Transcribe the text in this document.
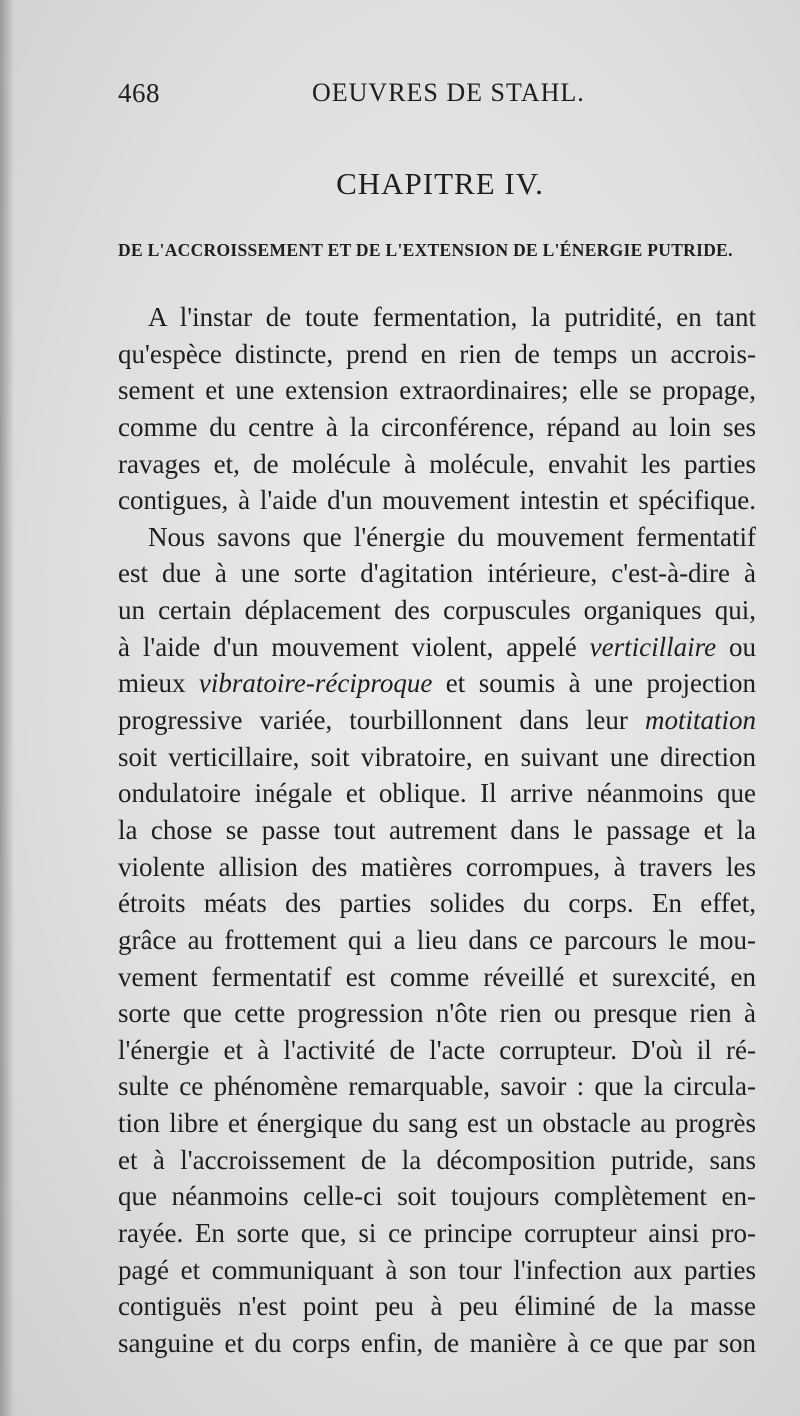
468	OEUVRES DE STAHL.
CHAPITRE IV.
DE L'ACCROISSEMENT ET DE L'EXTENSION DE L'ÉNERGIE PUTRIDE.
A l'instar de toute fermentation, la putridité, en tant
qu'espèce distincte, prend en rien de temps un accrois-
sement et une extension extraordinaires; elle se propage,
comme du centre à la circonférence, répand au loin ses
ravages et, de molécule à molécule, envahit les parties
contigues, à l'aide d'un mouvement intestin et spécifique.
Nous savons que l'énergie du mouvement fermentatif
est due à une sorte d'agitation intérieure, c'est-à-dire à
un certain déplacement des corpuscules organiques qui,
à l'aide d'un mouvement violent, appelé verticillaire ou
mieux vibratoire-réciproque et soumis à une projection
progressive variée, tourbillonnent dans leur motitation
soit verticillaire, soit vibratoire, en suivant une direction
ondulatoire inégale et oblique. Il arrive néanmoins que
la chose se passe tout autrement dans le passage et la
violente allision des matières corrompues, à travers les
étroits méats des parties solides du corps. En effet,
grâce au frottement qui a lieu dans ce parcours le mou-
vement fermentatif est comme réveillé et surexcité, en
sorte que cette progression n'ôte rien ou presque rien à
l'énergie et à l'activité de l'acte corrupteur. D'où il ré-
sulte ce phénomène remarquable, savoir : que la circula-
tion libre et énergique du sang est un obstacle au progrès
et à l'accroissement de la décomposition putride, sans
que néanmoins celle-ci soit toujours complètement en-
rayée. En sorte que, si ce principe corrupteur ainsi pro-
pagé et communiquant à son tour l'infection aux parties
contiguës n'est point peu à peu éliminé de la masse
sanguine et du corps enfin, de manière à ce que par son
